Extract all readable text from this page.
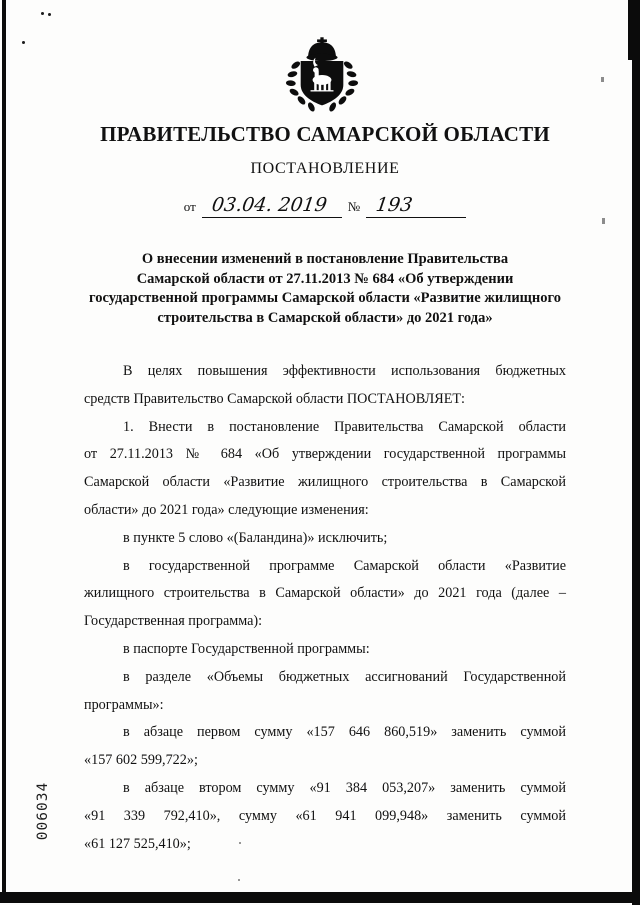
ПРАВИТЕЛЬСТВО САМАРСКОЙ ОБЛАСТИ
ПОСТАНОВЛЕНИЕ
от 03.04. 2019	№ 193
О внесении изменений в постановление Правительства
Самарской области от 27.11.2013 № 684 «Об утверждении
государственной программы Самарской области «Развитие жилищного
строительства в Самарской области» до 2021 года»

В целях повышения эффективности использования бюджетных
средств Правительство Самарской области ПОСТАНОВЛЯЕТ:

1. Внести в постановление Правительства Самарской области
от 27.11.2013 № 684 «Об утверждении государственной программы
Самарской области «Развитие жилищного строительства в Самарской
области» до 2021 года» следующие изменения:

в пункте 5 слово «(Баландина)» исключить;

в государственной программе Самарской области «Развитие
жилищного строительства в Самарской области» до 2021 года (далее –
Государственная программа):

в паспорте Государственной программы:

в разделе «Объемы бюджетных ассигнований Государственной
программы»:

в абзаце первом сумму «157 646 860,519» заменить суммой
«157 602 599,722»;

в абзаце втором сумму «91 384 053,207» заменить суммой
«91 339 792,410», сумму «61 941 099,948» заменить суммой
«61 127 525,410»;

006034
